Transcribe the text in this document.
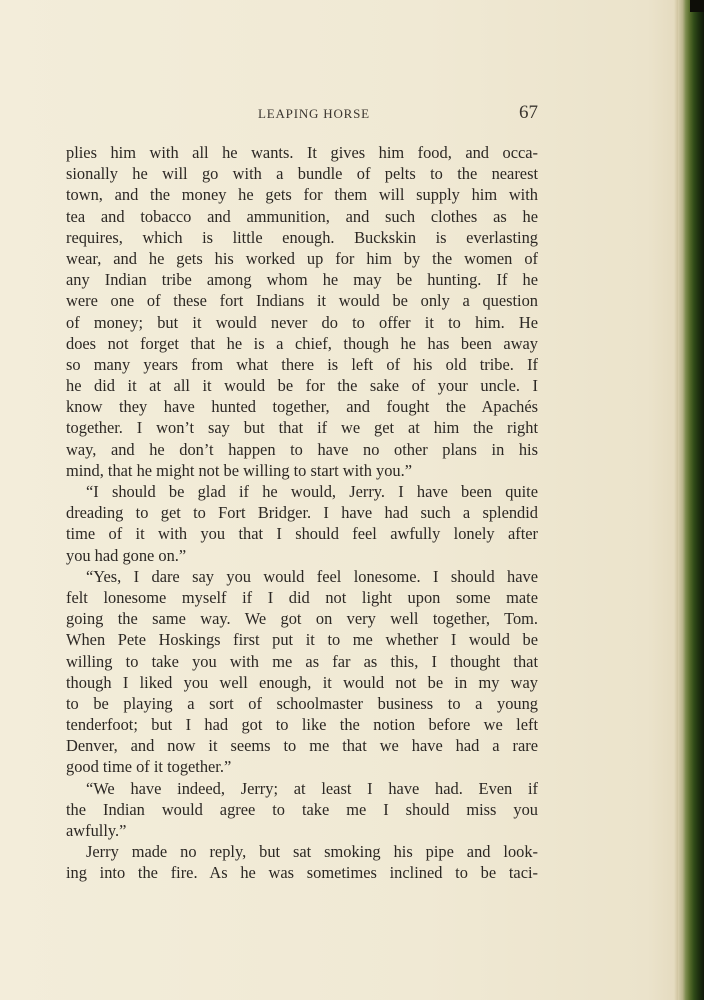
LEAPING HORSE	67
plies him with all he wants. It gives him food, and occa-
sionally he will go with a bundle of pelts to the nearest
town, and the money he gets for them will supply him with
tea and tobacco and ammunition, and such clothes as he
requires, which is little enough. Buckskin is everlasting
wear, and he gets his worked up for him by the women of
any Indian tribe among whom he may be hunting. If he
were one of these fort Indians it would be only a question
of money; but it would never do to offer it to him. He
does not forget that he is a chief, though he has been away
so many years from what there is left of his old tribe. If
he did it at all it would be for the sake of your uncle. I
know they have hunted together, and fought the Apachés
together. I won’t say but that if we get at him the right
way, and he don’t happen to have no other plans in his
mind, that he might not be willing to start with you.”
“I should be glad if he would, Jerry. I have been quite
dreading to get to Fort Bridger. I have had such a splendid
time of it with you that I should feel awfully lonely after
you had gone on.”
“Yes, I dare say you would feel lonesome. I should have
felt lonesome myself if I did not light upon some mate
going the same way. We got on very well together, Tom.
When Pete Hoskings first put it to me whether I would be
willing to take you with me as far as this, I thought that
though I liked you well enough, it would not be in my way
to be playing a sort of schoolmaster business to a young
tenderfoot; but I had got to like the notion before we left
Denver, and now it seems to me that we have had a rare
good time of it together.”
“We have indeed, Jerry; at least I have had. Even if
the Indian would agree to take me I should miss you
awfully.”
Jerry made no reply, but sat smoking his pipe and look-
ing into the fire. As he was sometimes inclined to be taci-
